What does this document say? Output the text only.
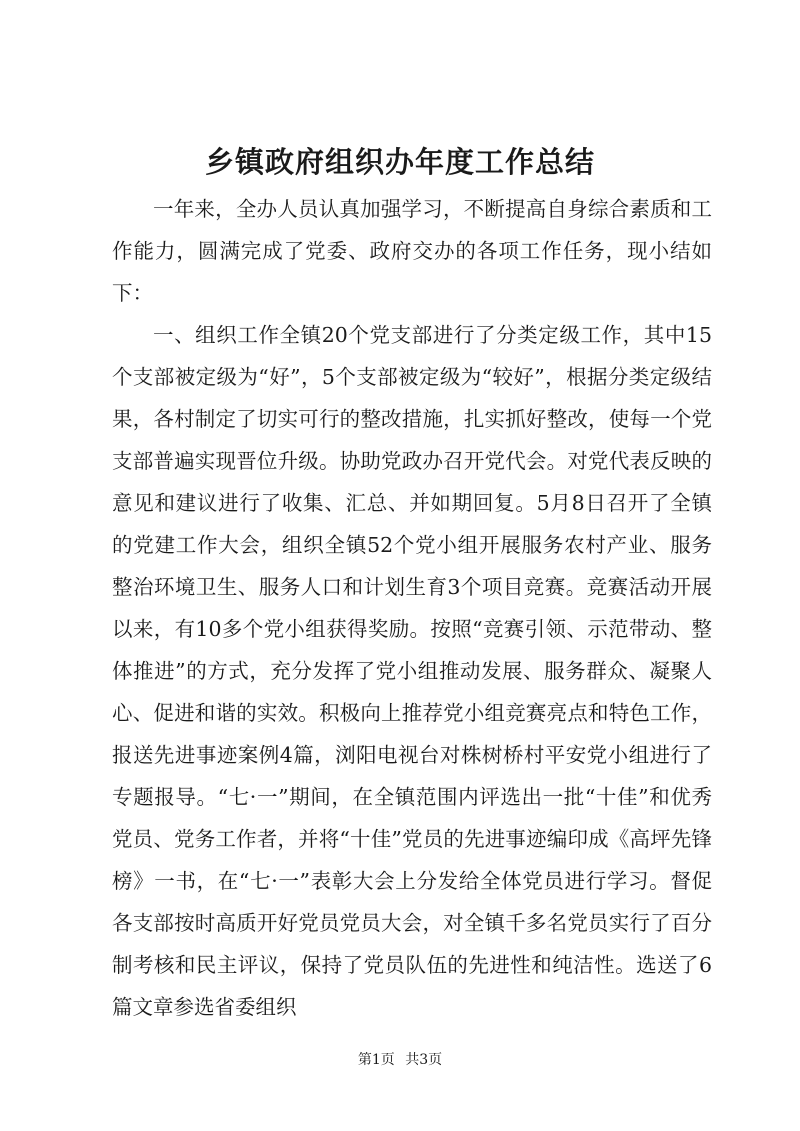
乡镇政府组织办年度工作总结

一年来，全办人员认真加强学习，不断提高自身综合素质和工作能力，圆满完成了党委、政府交办的各项工作任务，现小结如下：

一、组织工作全镇20个党支部进行了分类定级工作，其中15个支部被定级为“好”，5个支部被定级为“较好”，根据分类定级结果，各村制定了切实可行的整改措施，扎实抓好整改，使每一个党支部普遍实现晋位升级。协助党政办召开党代会。对党代表反映的意见和建议进行了收集、汇总、并如期回复。5月8日召开了全镇的党建工作大会，组织全镇52个党小组开展服务农村产业、服务整治环境卫生、服务人口和计划生育3个项目竞赛。竞赛活动开展以来，有10多个党小组获得奖励。按照“竞赛引领、示范带动、整体推进”的方式，充分发挥了党小组推动发展、服务群众、凝聚人心、促进和谐的实效。积极向上推荐党小组竞赛亮点和特色工作，报送先进事迹案例4篇，浏阳电视台对株树桥村平安党小组进行了专题报导。“七·一”期间，在全镇范围内评选出一批“十佳”和优秀党员、党务工作者，并将“十佳”党员的先进事迹编印成《高坪先锋榜》一书，在“七·一”表彰大会上分发给全体党员进行学习。督促各支部按时高质开好党员党员大会，对全镇千多名党员实行了百分制考核和民主评议，保持了党员队伍的先进性和纯洁性。选送了6篇文章参选省委组织

第1页 共3页
